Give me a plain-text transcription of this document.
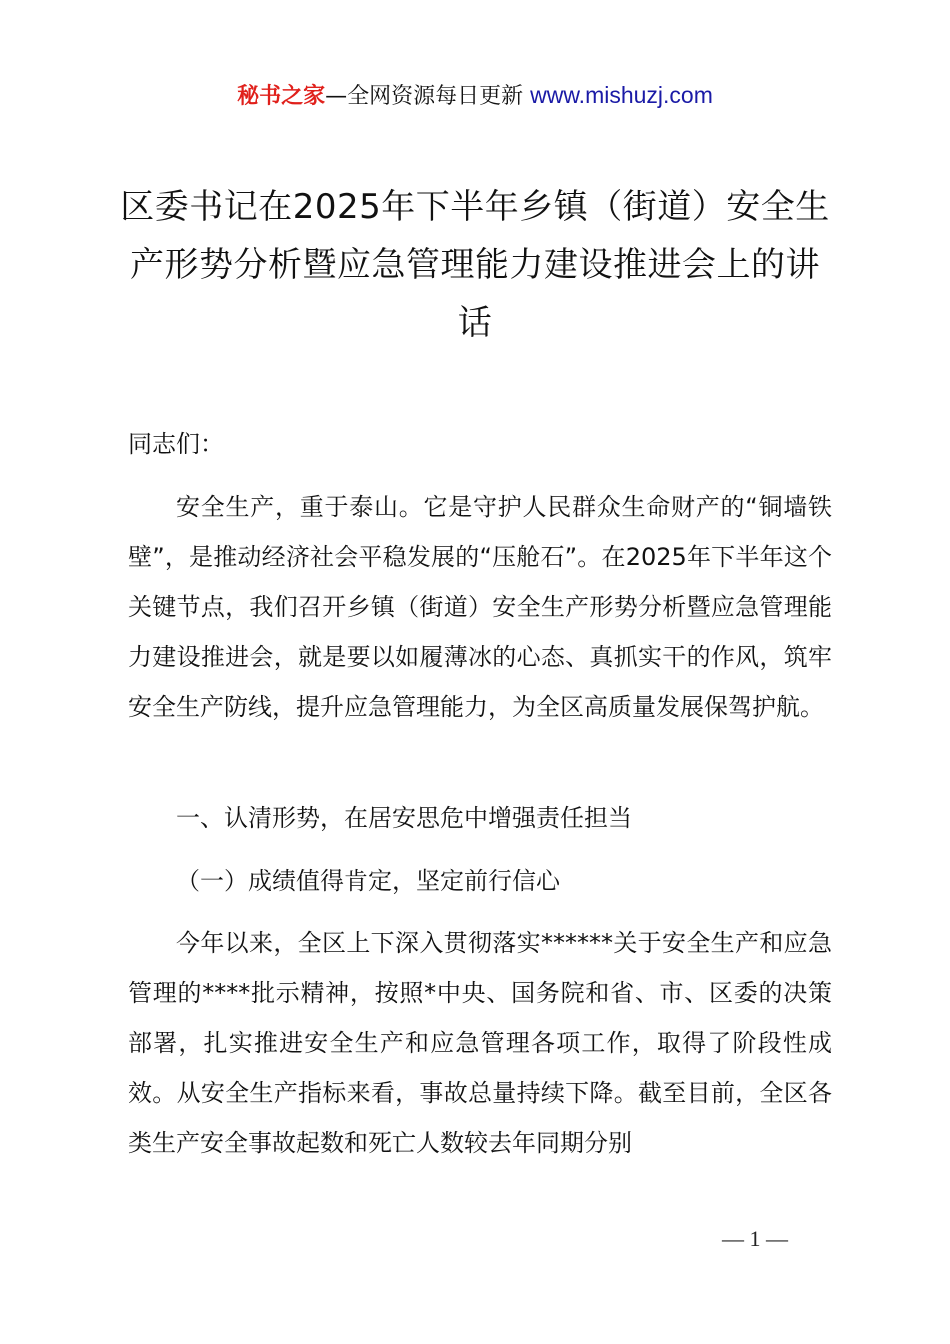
秘书之家—全网资源每日更新 www.mishuzj.com
区委书记在2025年下半年乡镇（街道）安全生产形势分析暨应急管理能力建设推进会上的讲话

同志们：

安全生产，重于泰山。它是守护人民群众生命财产的“铜墙铁壁”，是推动经济社会平稳发展的“压舱石”。在2025年下半年这个关键节点，我们召开乡镇（街道）安全生产形势分析暨应急管理能力建设推进会，就是要以如履薄冰的心态、真抓实干的作风，筑牢安全生产防线，提升应急管理能力，为全区高质量发展保驾护航。

一、认清形势，在居安思危中增强责任担当
（一）成绩值得肯定，坚定前行信心

今年以来，全区上下深入贯彻落实******关于安全生产和应急管理的****批示精神，按照*中央、国务院和省、市、区委的决策部署，扎实推进安全生产和应急管理各项工作，取得了阶段性成效。从安全生产指标来看，事故总量持续下降。截至目前，全区各类生产安全事故起数和死亡人数较去年同期分别

— 1 —
